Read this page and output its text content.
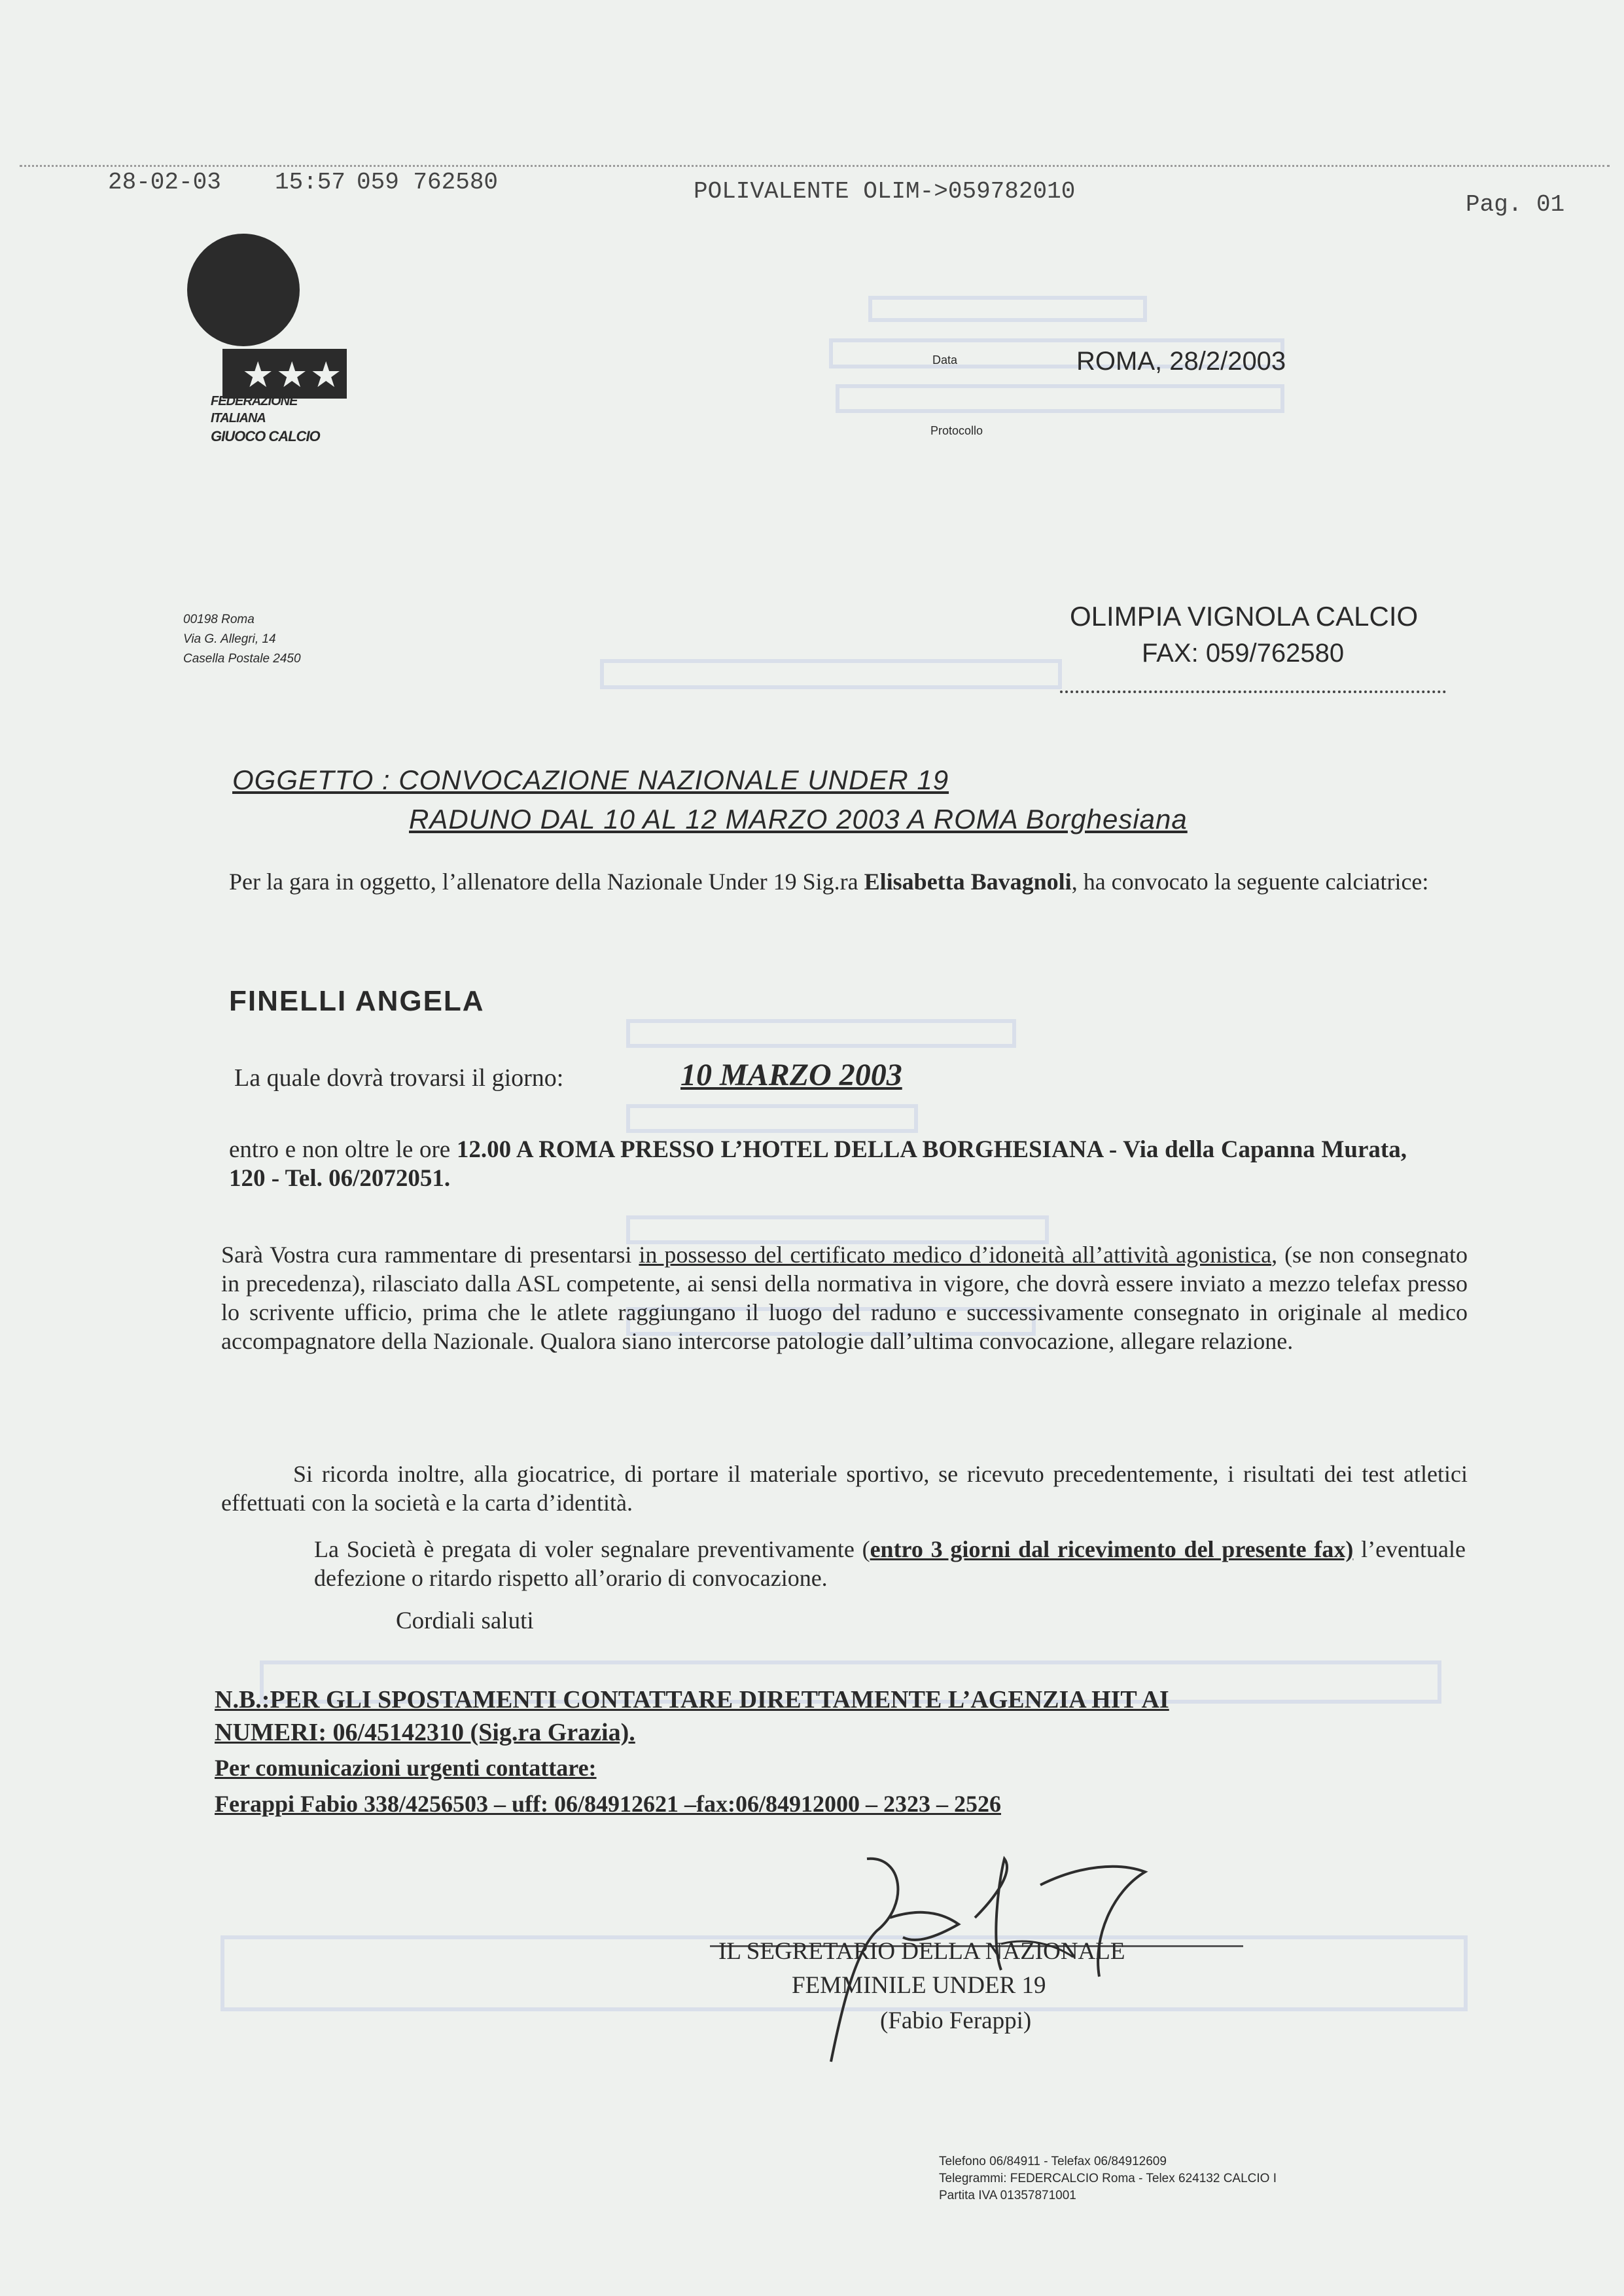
28-02-03 15:57 059 762580	POLIVALENTE OLIM->059782010	Pag. 01
★ ★ ★
FEDERAZIONE
ITALIANA
GIUOCO CALCIO
Data	ROMA, 28/2/2003
Protocollo
00198 Roma
Via G. Allegri, 14
Casella Postale 2450
OLIMPIA VIGNOLA CALCIO
FAX: 059/762580
OGGETTO : CONVOCAZIONE NAZIONALE UNDER 19
RADUNO DAL 10 AL 12 MARZO 2003 A ROMA Borghesiana
Per la gara in oggetto, l’allenatore della Nazionale Under 19 Sig.ra Elisabetta Bavagnoli, ha convocato la seguente calciatrice:
FINELLI ANGELA
La quale dovrà trovarsi il giorno:	10 MARZO 2003
entro e non oltre le ore 12.00 A ROMA PRESSO L’HOTEL DELLA BORGHESIANA - Via della Capanna Murata, 120 - Tel. 06/2072051.
Sarà Vostra cura rammentare di presentarsi in possesso del certificato medico d’idoneità all’attività agonistica, (se non consegnato in precedenza), rilasciato dalla ASL competente, ai sensi della normativa in vigore, che dovrà essere inviato a mezzo telefax presso lo scrivente ufficio, prima che le atlete raggiungano il luogo del raduno e successivamente consegnato in originale al medico accompagnatore della Nazionale. Qualora siano intercorse patologie dall’ultima convocazione, allegare relazione.
Si ricorda inoltre, alla giocatrice, di portare il materiale sportivo, se ricevuto precedentemente, i risultati dei test atletici effettuati con la società e la carta d’identità.
La Società è pregata di voler segnalare preventivamente (entro 3 giorni dal ricevimento del presente fax) l’eventuale defezione o ritardo rispetto all’orario di convocazione.
Cordiali saluti
N.B.:PER GLI SPOSTAMENTI CONTATTARE DIRETTAMENTE L’AGENZIA HIT AI
NUMERI: 06/45142310 (Sig.ra Grazia).
Per comunicazioni urgenti contattare:
Ferappi Fabio 338/4256503 – uff: 06/84912621 –fax:06/84912000 – 2323 – 2526
IL SEGRETARIO DELLA NAZIONALE
FEMMINILE UNDER 19
(Fabio Ferappi)
Telefono 06/84911 - Telefax 06/84912609
Telegrammi: FEDERCALCIO Roma - Telex 624132 CALCIO I
Partita IVA 01357871001
